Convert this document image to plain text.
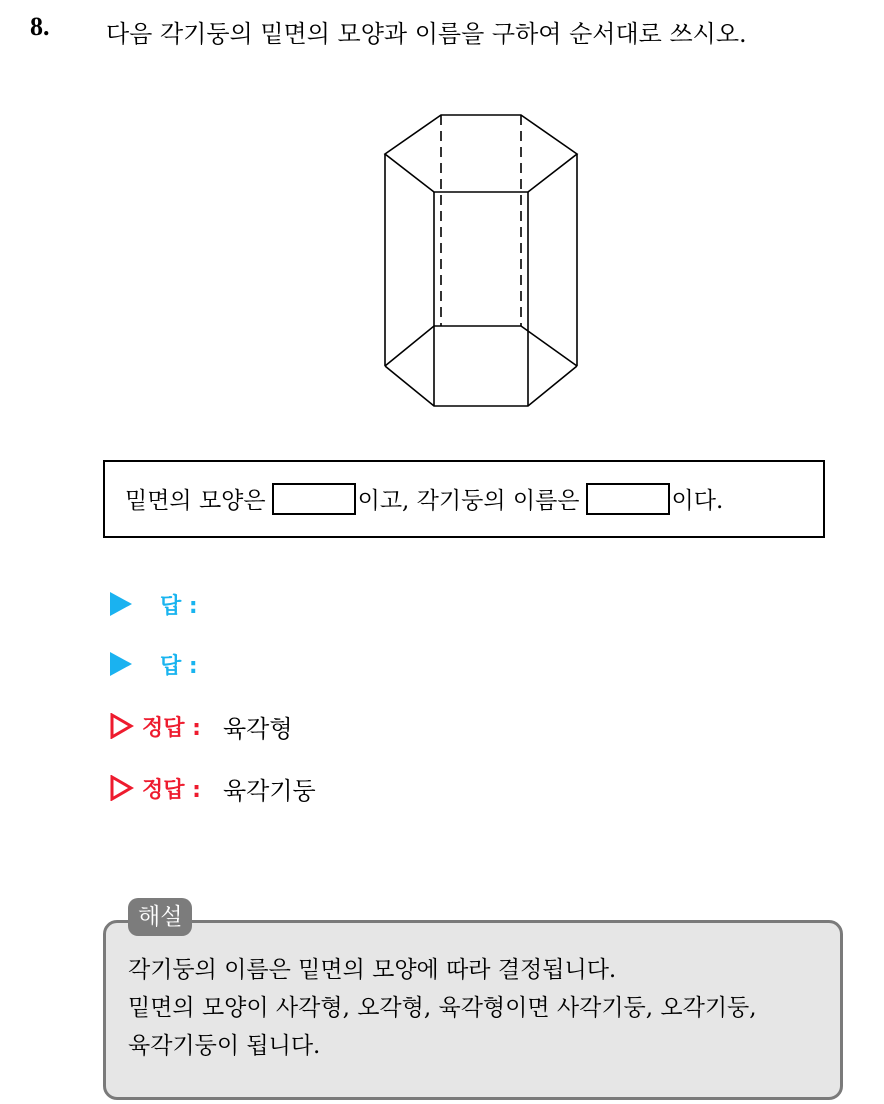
8. 다음 각기둥의 밑면의 모양과 이름을 구하여 순서대로 쓰시오.
밑면의 모양은	이고, 각기둥의 이름은	이다.
답 :
답 :
정답 : 육각형
정답 : 육각기둥
각기둥의 이름은 밑면의 모양에 따라 결정됩니다.
밑면의 모양이 사각형, 오각형, 육각형이면 사각기둥, 오각기둥,
육각기둥이 됩니다.
해설
